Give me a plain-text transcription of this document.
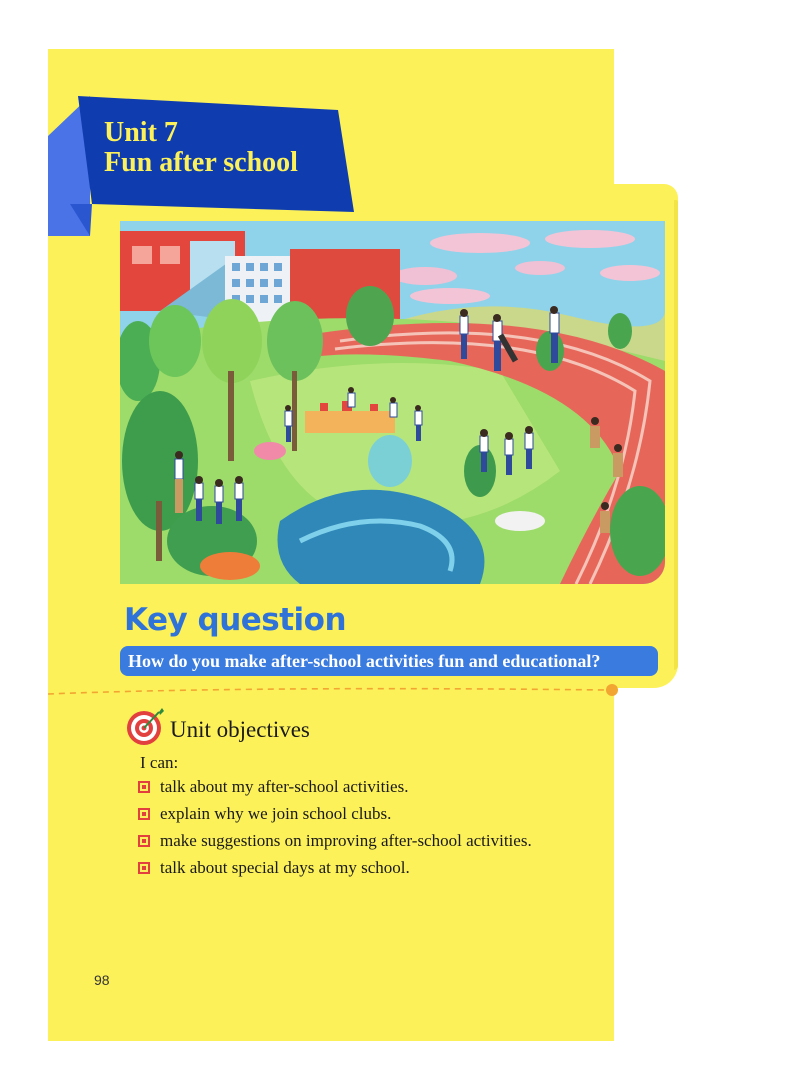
Unit 7
Fun after school
Key question
How do you make after-school activities fun and educational?
Unit objectives
I can:
talk about my after-school activities.
explain why we join school clubs.
make suggestions on improving after-school activities.
talk about special days at my school.
98
